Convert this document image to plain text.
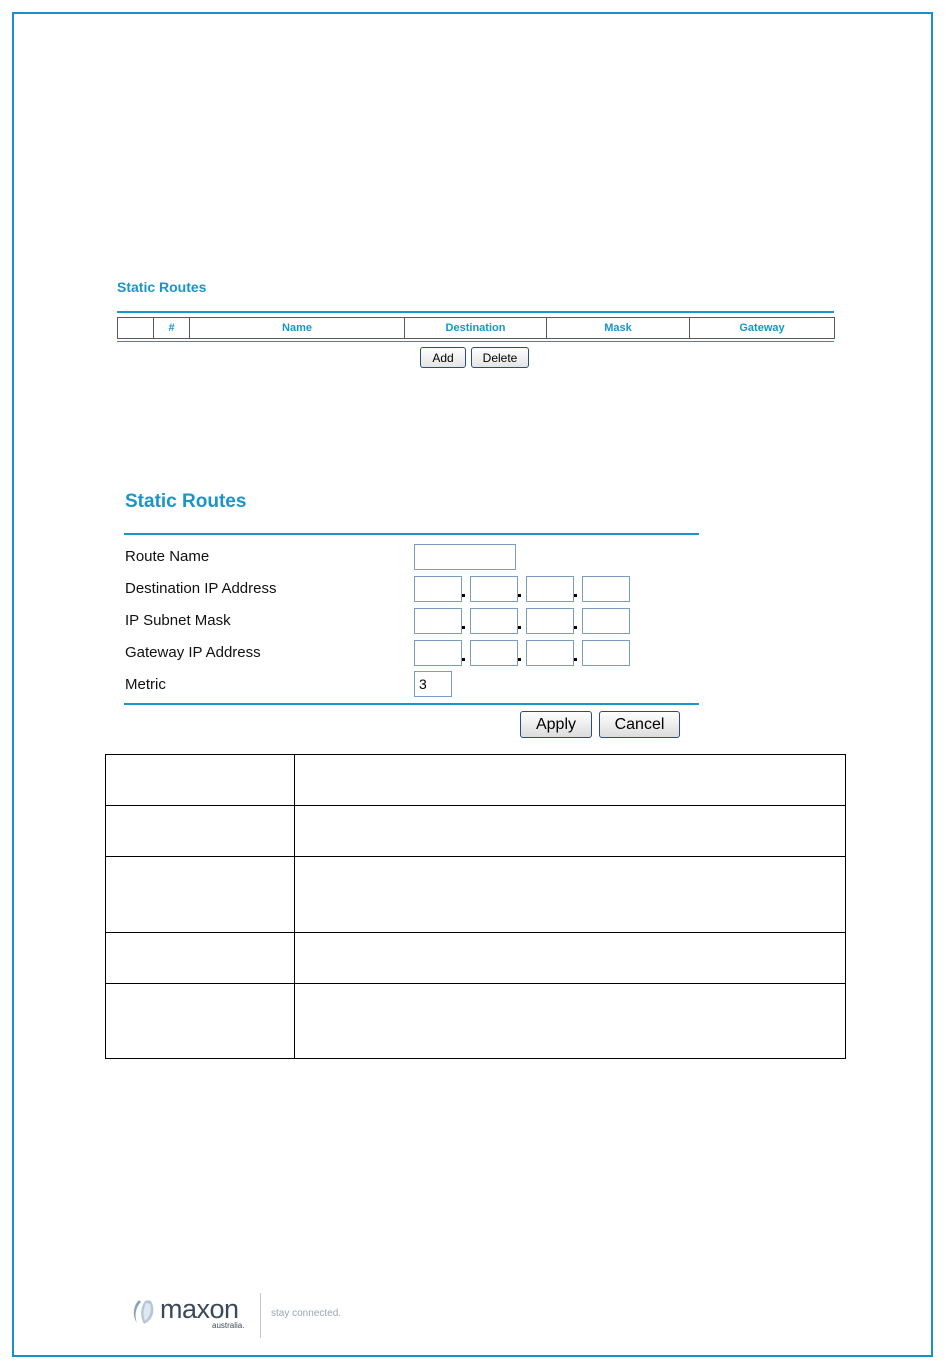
Static Routes
	#	Name	Destination	Mask	Gateway
Add	Delete
Static Routes
Route Name
Destination IP Address
IP Subnet Mask
Gateway IP Address
Metric
3
Apply	Cancel

maxon
australia.
stay connected.
